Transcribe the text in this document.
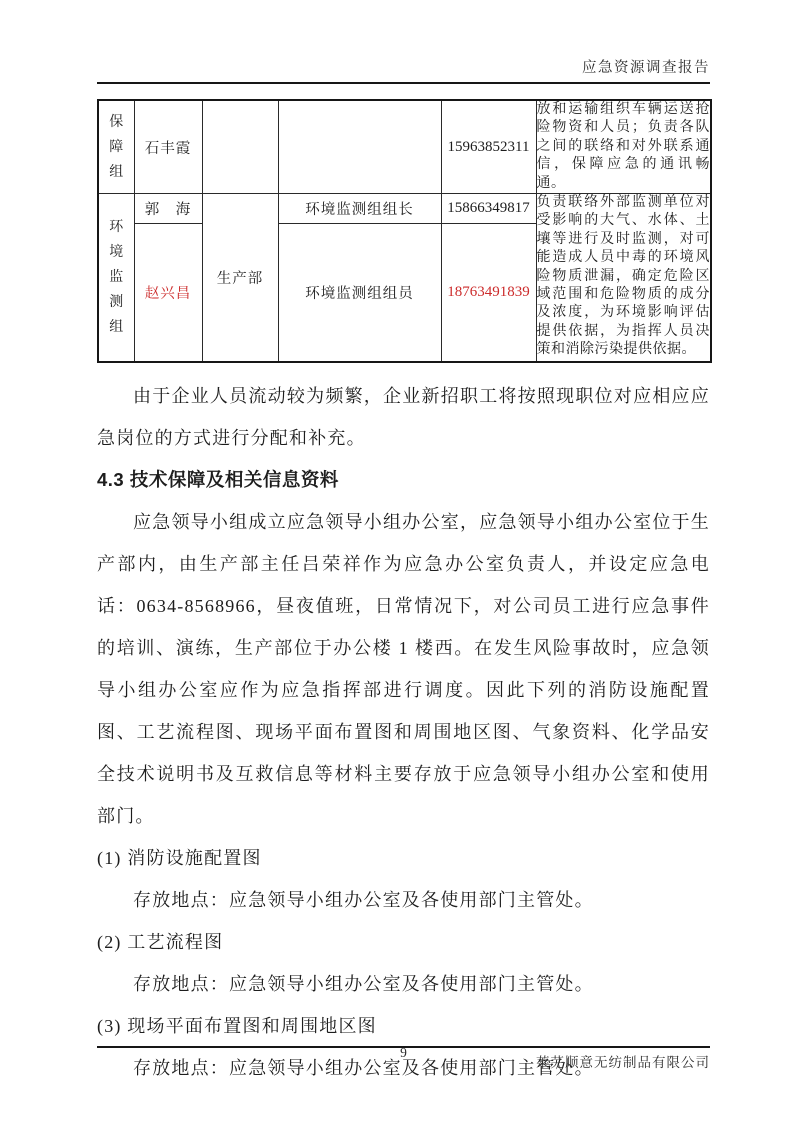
应急资源调查报告
保障组	石丰霞			15963852311	放和运输组织车辆运送抢险物资和人员；负责各队之间的联络和对外联系通信，保障应急的通讯畅通。
环境监测组	郭　海	生产部	环境监测组组长	15866349817	负责联络外部监测单位对受影响的大气、水体、土壤等进行及时监测，对可能造成人员中毒的环境风险物质泄漏，确定危险区域范围和危险物质的成分及浓度，为环境影响评估提供依据，为指挥人员决策和消除污染提供依据。
	赵兴昌		环境监测组组员	18763491839	

由于企业人员流动较为频繁，企业新招职工将按照现职位对应相应应急岗位的方式进行分配和补充。

4.3 技术保障及相关信息资料

应急领导小组成立应急领导小组办公室，应急领导小组办公室位于生产部内，由生产部主任吕荣祥作为应急办公室负责人，并设定应急电话：0634-8568966，昼夜值班，日常情况下，对公司员工进行应急事件的培训、演练，生产部位于办公楼 1 楼西。在发生风险事故时，应急领导小组办公室应作为应急指挥部进行调度。因此下列的消防设施配置图、工艺流程图、现场平面布置图和周围地区图、气象资料、化学品安全技术说明书及互救信息等材料主要存放于应急领导小组办公室和使用部门。

(1) 消防设施配置图

存放地点：应急领导小组办公室及各使用部门主管处。

(2) 工艺流程图

存放地点：应急领导小组办公室及各使用部门主管处。

(3) 现场平面布置图和周围地区图

存放地点：应急领导小组办公室及各使用部门主管处。

9
莱芜顺意无纺制品有限公司
